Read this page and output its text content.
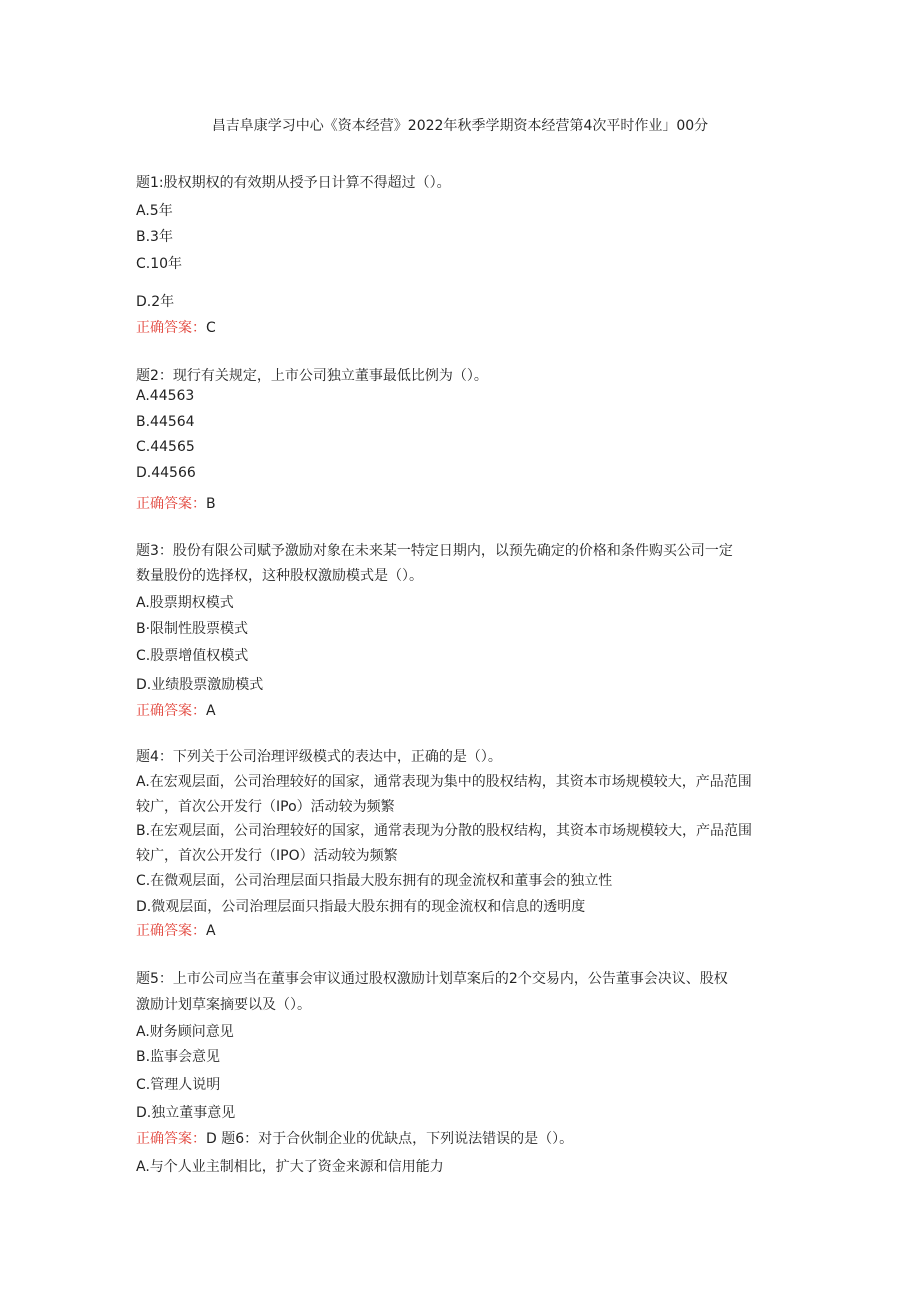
昌吉阜康学习中心《资本经营》2022年秋季学期资本经营第4次平时作业」00分
题1:股权期权的有效期从授予日计算不得超过（）。
A.5年
B.3年
C.10年
D.2年
正确答案：C
题2：现行有关规定，上市公司独立董事最低比例为（）。
A.44563
B.44564
C.44565
D.44566
正确答案：B
题3：股份有限公司赋予激励对象在未来某一特定日期内，以预先确定的价格和条件购买公司一定
数量股份的选择权，这种股权激励模式是（）。
A.股票期权模式
B·限制性股票模式
C.股票增值权模式
D.业绩股票激励模式
正确答案：A
题4：下列关于公司治理评级模式的表达中，正确的是（）。
A.在宏观层面，公司治理较好的国家，通常表现为集中的股权结构，其资本市场规模较大，产品范围
较广，首次公开发行（IPo）活动较为频繁
B.在宏观层面，公司治理较好的国家，通常表现为分散的股权结构，其资本市场规模较大，产品范围
较广，首次公开发行（IPO）活动较为频繁
C.在微观层面，公司治理层面只指最大股东拥有的现金流权和董事会的独立性
D.微观层面，公司治理层面只指最大股东拥有的现金流权和信息的透明度
正确答案：A
题5：上市公司应当在董事会审议通过股权激励计划草案后的2个交易内，公告董事会决议、股权
激励计划草案摘要以及（）。
A.财务顾问意见
B.监事会意见
C.管理人说明
D.独立董事意见
正确答案：D 题6：对于合伙制企业的优缺点，下列说法错误的是（）。
A.与个人业主制相比，扩大了资金来源和信用能力
